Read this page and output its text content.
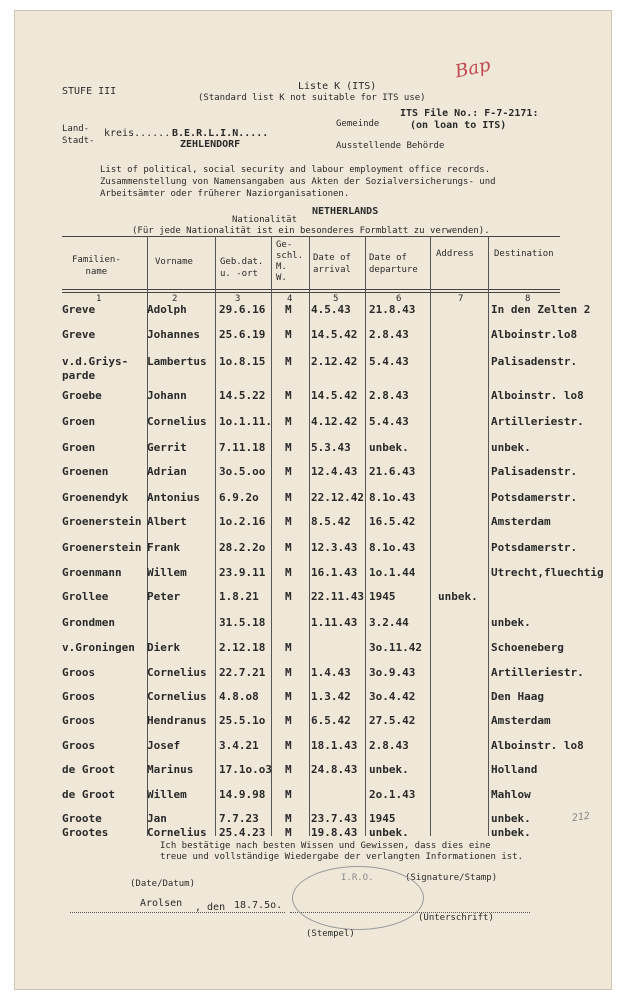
STUFE III	Liste K (ITS)
(Standard list K not suitable for ITS use)
Bap
Land-
Stadt-
kreis...... B.E.R.L.I.N.....
ZEHLENDORF
Gemeinde
ITS File No.: F-7-2171:
(on loan to ITS)
Ausstellende Behörde
List of political, social security and labour employment office records.
Zusammenstellung von Namensangaben aus Akten der Sozialversicherungs- und
Arbeitsämter oder früherer Naziorganisationen.
Nationalität
NETHERLANDS
(Für jede Nationalität ist ein besonderes Formblatt zu verwenden).
Familien-
name
Vorname	Geb.dat.
u. -ort
Ge-
schl.
M.
W.
Date of
arrival
Date of
departure
Address Destination
1	2	3	4	5	6	7	8
Greve	Adolph	29.6.16 M 4.5.43 21.8.43	In den Zelten 2
Greve	Johannes 25.6.19 M 14.5.42 2.8.43	Alboinstr.lo8
v.d.Griys-
parde
Lambertus 1o.8.15 M 2.12.42 5.4.43	Palisadenstr.
Groebe	Johann	14.5.22 M 14.5.42 2.8.43	Alboinstr. lo8
Groen	Cornelius 1o.1.11. M 4.12.42 5.4.43	Artilleriestr.
Groen	Gerrit	7.11.18 M 5.3.43 unbek.	unbek.
Groenen	Adrian	3o.5.oo M 12.4.43 21.6.43	Palisadenstr.
Groenendyk Antonius 6.9.2o M 22.12.42 8.1o.43	Potsdamerstr.
Groenerstein Albert	1o.2.16 M 8.5.42 16.5.42	Amsterdam
Groenerstein Frank	28.2.2o M 12.3.43 8.1o.43	Potsdamerstr.
Groenmann Willem	23.9.11 M 16.1.43 1o.1.44	Utrecht,fluechtig
Grollee	Peter	1.8.21 M 22.11.43 1945	unbek.
Grondmen	31.5.18	1.11.43 3.2.44	unbek.
v.Groningen Dierk	2.12.18 M	3o.11.42	Schoeneberg
Groos	Cornelius 22.7.21 M 1.4.43 3o.9.43	Artilleriestr.
Groos	Cornelius 4.8.o8 M 1.3.42 3o.4.42	Den Haag
Groos	Hendranus 25.5.1o M 6.5.42 27.5.42	Amsterdam
Groos	Josef	3.4.21 M 18.1.43 2.8.43	Alboinstr. lo8
de Groot	Marinus 17.1o.o3 M 24.8.43 unbek.	Holland
de Groot	Willem	14.9.98 M	2o.1.43	Mahlow
Groote	Jan	7.7.23 M 23.7.43 1945	unbek.
Grootes	Cornelius 25.4.23 M 19.8.43 unbek.	unbek.
212
Ich bestätige nach besten Wissen und Gewissen, dass dies eine
treue und vollständige Wiedergabe der verlangten Informationen ist.
(Date/Datum)
(Signature/Stamp)
Arolsen , den 18.7.5o.
I.R.O.
(Stempel)
(Unterschrift)
